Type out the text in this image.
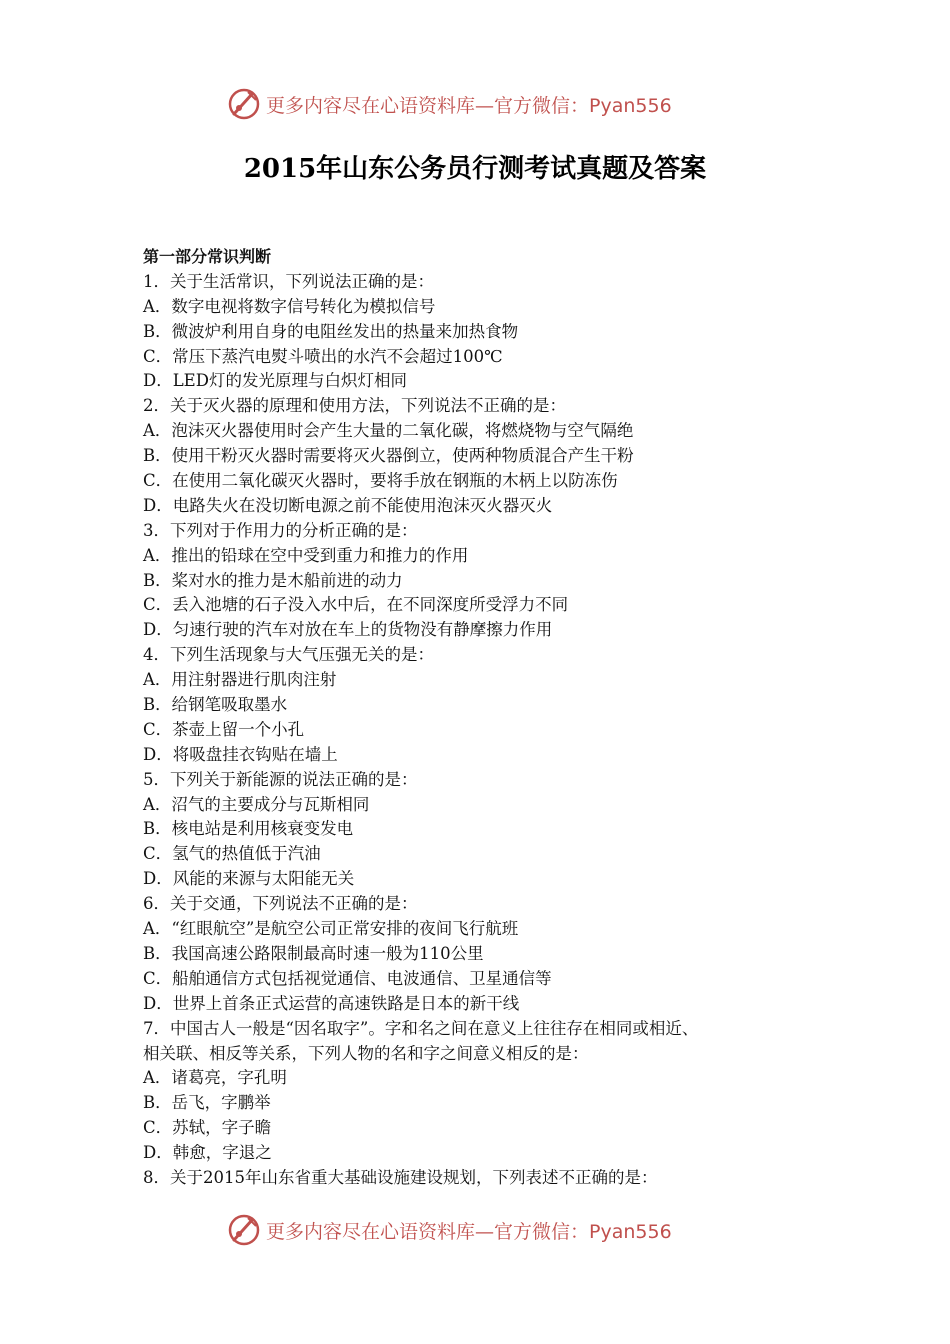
更多内容尽在心语资料库—官方微信：Pyan556
2015年山东公务员行测考试真题及答案
第一部分常识判断
1．关于生活常识，下列说法正确的是：
A．数字电视将数字信号转化为模拟信号
B．微波炉利用自身的电阻丝发出的热量来加热食物
C．常压下蒸汽电熨斗喷出的水汽不会超过100℃
D．LED灯的发光原理与白炽灯相同
2．关于灭火器的原理和使用方法，下列说法不正确的是：
A．泡沫灭火器使用时会产生大量的二氧化碳，将燃烧物与空气隔绝
B．使用干粉灭火器时需要将灭火器倒立，使两种物质混合产生干粉
C．在使用二氧化碳灭火器时，要将手放在钢瓶的木柄上以防冻伤
D．电路失火在没切断电源之前不能使用泡沫灭火器灭火
3．下列对于作用力的分析正确的是：
A．推出的铅球在空中受到重力和推力的作用
B．桨对水的推力是木船前进的动力
C．丢入池塘的石子没入水中后，在不同深度所受浮力不同
D．匀速行驶的汽车对放在车上的货物没有静摩擦力作用
4．下列生活现象与大气压强无关的是：
A．用注射器进行肌肉注射
B．给钢笔吸取墨水
C．茶壶上留一个小孔
D．将吸盘挂衣钩贴在墙上
5．下列关于新能源的说法正确的是：
A．沼气的主要成分与瓦斯相同
B．核电站是利用核衰变发电
C．氢气的热值低于汽油
D．风能的来源与太阳能无关
6．关于交通，下列说法不正确的是：
A．“红眼航空”是航空公司正常安排的夜间飞行航班
B．我国高速公路限制最高时速一般为110公里
C．船舶通信方式包括视觉通信、电波通信、卫星通信等
D．世界上首条正式运营的高速铁路是日本的新干线
7．中国古人一般是“因名取字”。字和名之间在意义上往往存在相同或相近、
相关联、相反等关系，下列人物的名和字之间意义相反的是：
A．诸葛亮，字孔明
B．岳飞，字鹏举
C．苏轼，字子瞻
D．韩愈，字退之
8．关于2015年山东省重大基础设施建设规划，下列表述不正确的是：
更多内容尽在心语资料库—官方微信：Pyan556
